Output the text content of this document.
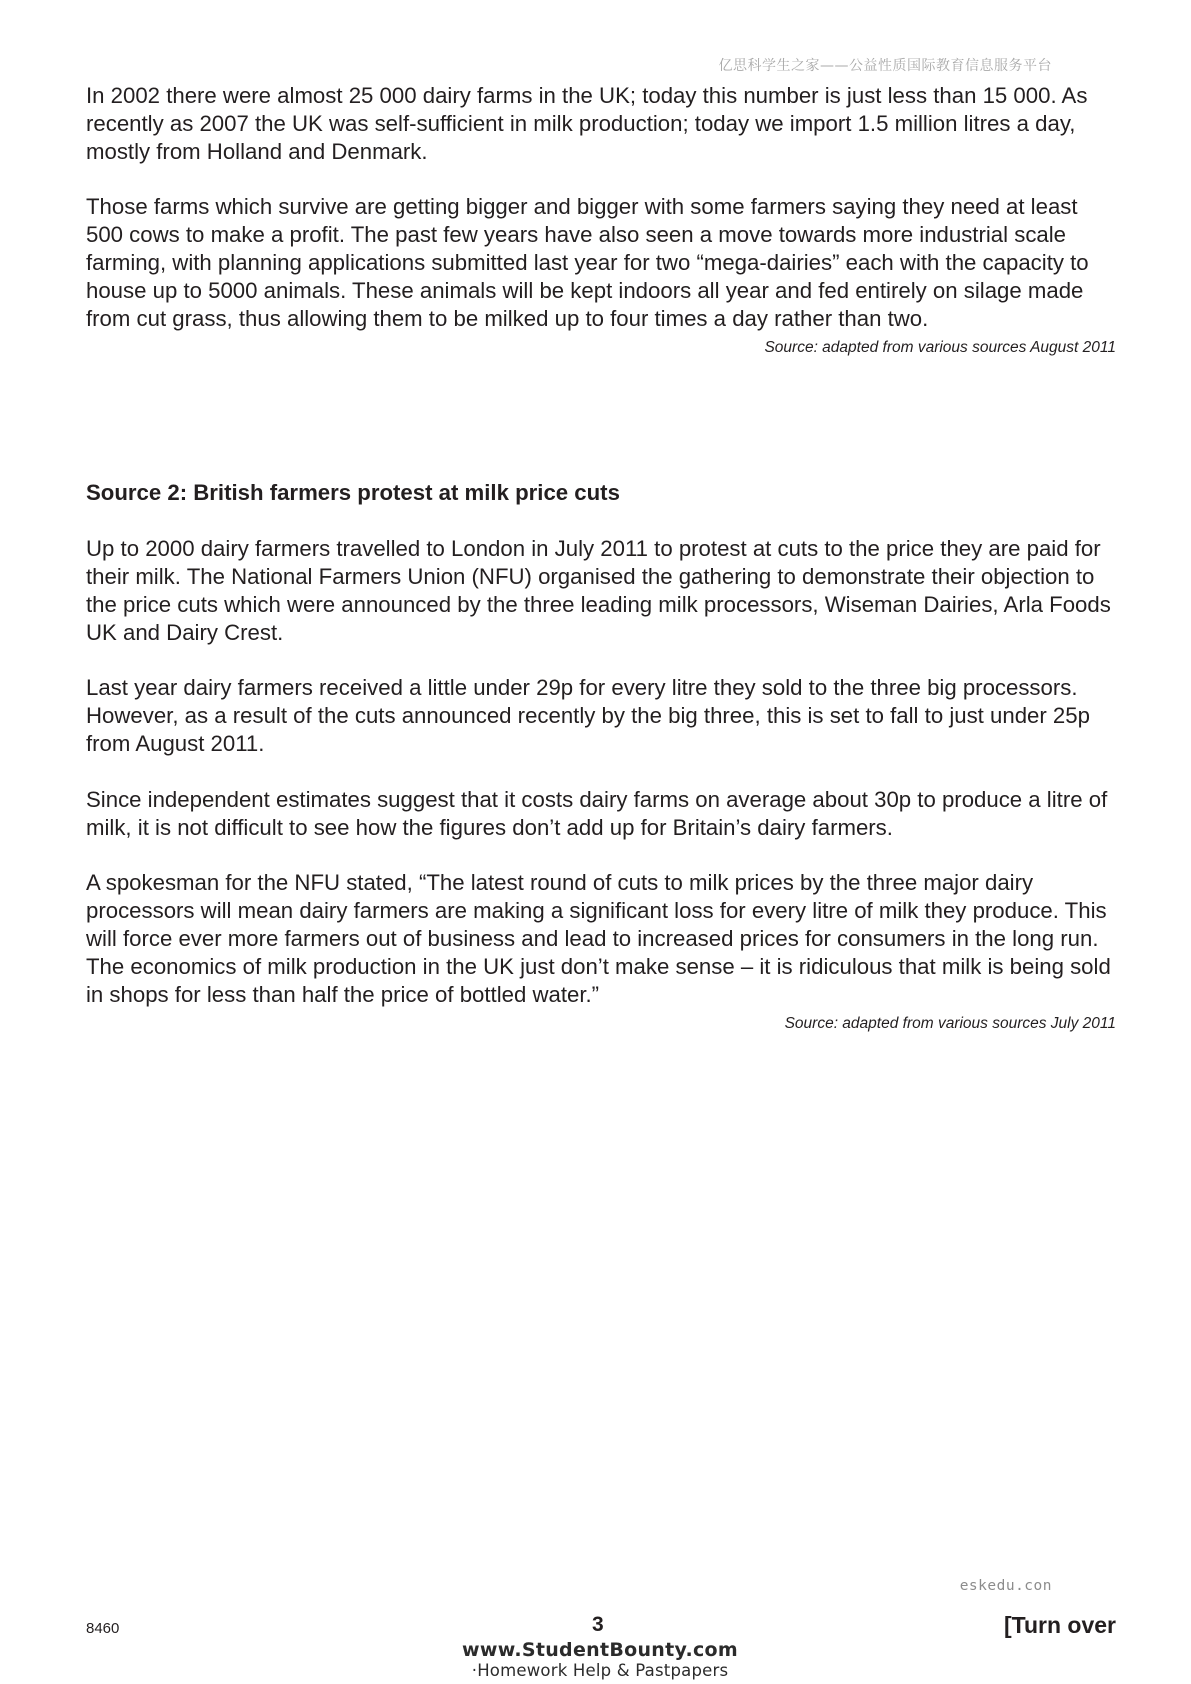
亿思科学生之家——公益性质国际教育信息服务平台

In 2002 there were almost 25 000 dairy farms in the UK; today this number is just less than 15 000. As recently as 2007 the UK was self-sufficient in milk production; today we import 1.5 million litres a day, mostly from Holland and Denmark.

Those farms which survive are getting bigger and bigger with some farmers saying they need at least 500 cows to make a profit. The past few years have also seen a move towards more industrial scale farming, with planning applications submitted last year for two “mega-dairies” each with the capacity to house up to 5000 animals. These animals will be kept indoors all year and fed entirely on silage made from cut grass, thus allowing them to be milked up to four times a day rather than two.

Source: adapted from various sources August 2011

Source 2: British farmers protest at milk price cuts

Up to 2000 dairy farmers travelled to London in July 2011 to protest at cuts to the price they are paid for their milk. The National Farmers Union (NFU) organised the gathering to demonstrate their objection to the price cuts which were announced by the three leading milk processors, Wiseman Dairies, Arla Foods UK and Dairy Crest.

Last year dairy farmers received a little under 29p for every litre they sold to the three big processors. However, as a result of the cuts announced recently by the big three, this is set to fall to just under 25p from August 2011.

Since independent estimates suggest that it costs dairy farms on average about 30p to produce a litre of milk, it is not difficult to see how the figures don’t add up for Britain’s dairy farmers.

A spokesman for the NFU stated, “The latest round of cuts to milk prices by the three major dairy processors will mean dairy farmers are making a significant loss for every litre of milk they produce. This will force ever more farmers out of business and lead to increased prices for consumers in the long run. The economics of milk production in the UK just don’t make sense – it is ridiculous that milk is being sold in shops for less than half the price of bottled water.”

Source: adapted from various sources July 2011

eskedu.con
8460	3	[Turn over
www.StudentBounty.com
·Homework Help & Pastpapers
